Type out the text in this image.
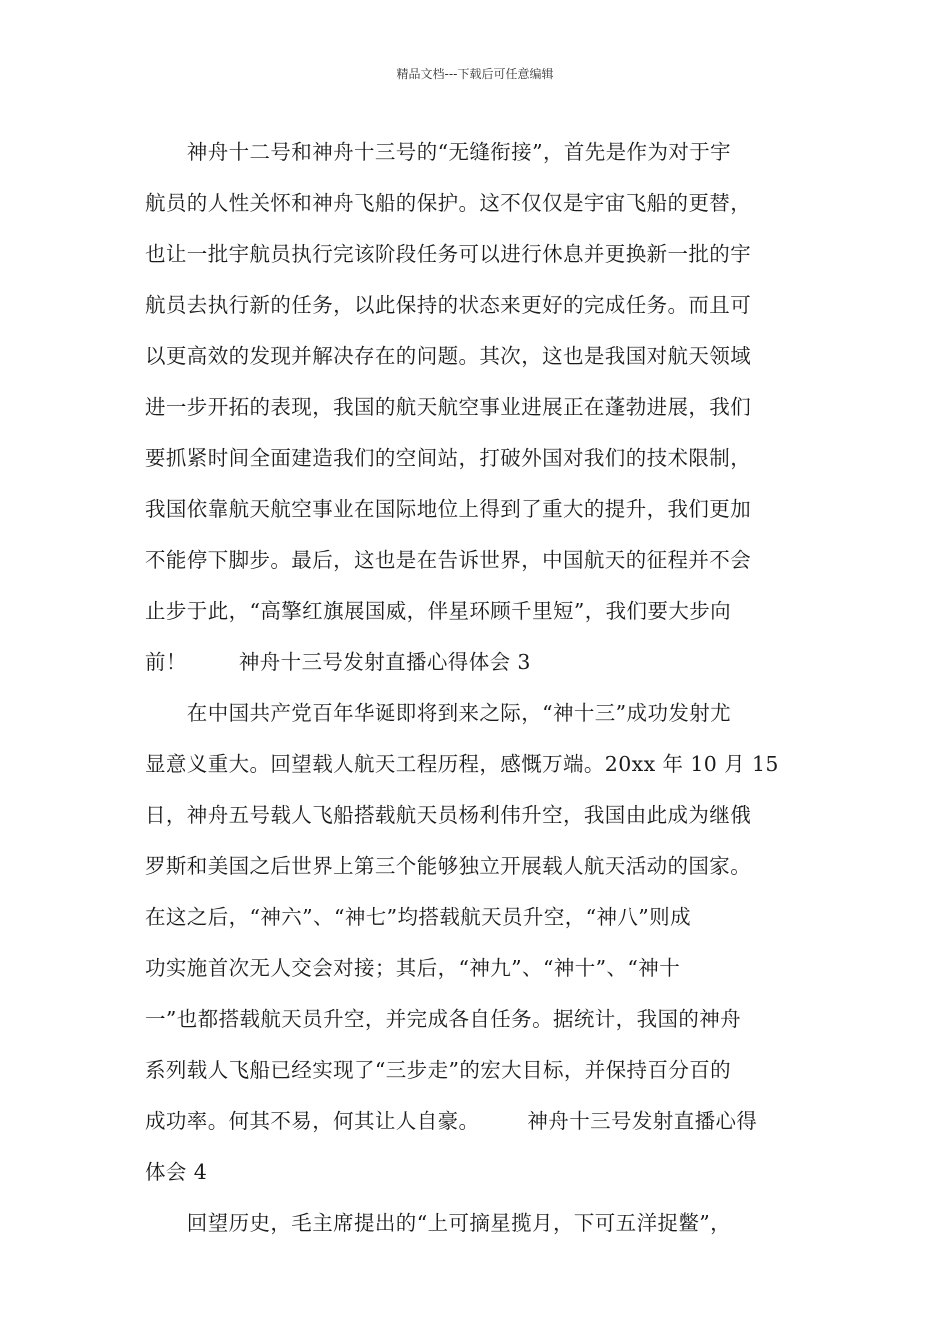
精品文档---下载后可任意编辑
　　神舟十二号和神舟十三号的“无缝衔接”，首先是作为对于宇
航员的人性关怀和神舟飞船的保护。这不仅仅是宇宙飞船的更替，
也让一批宇航员执行完该阶段任务可以进行休息并更换新一批的宇
航员去执行新的任务，以此保持的状态来更好的完成任务。而且可
以更高效的发现并解决存在的问题。其次，这也是我国对航天领域
进一步开拓的表现，我国的航天航空事业进展正在蓬勃进展，我们
要抓紧时间全面建造我们的空间站，打破外国对我们的技术限制，
我国依靠航天航空事业在国际地位上得到了重大的提升，我们更加
不能停下脚步。最后，这也是在告诉世界，中国航天的征程并不会
止步于此，“高擎红旗展国威，伴星环顾千里短”，我们要大步向
前！	神舟十三号发射直播心得体会 3
　　在中国共产党百年华诞即将到来之际，“神十三”成功发射尤
显意义重大。回望载人航天工程历程，感慨万端。20xx 年 10 月 15
日，神舟五号载人飞船搭载航天员杨利伟升空，我国由此成为继俄
罗斯和美国之后世界上第三个能够独立开展载人航天活动的国家。
在这之后，“神六”、“神七”均搭载航天员升空，“神八”则成
功实施首次无人交会对接；其后，“神九”、“神十”、“神十
一”也都搭载航天员升空，并完成各自任务。据统计，我国的神舟
系列载人飞船已经实现了“三步走”的宏大目标，并保持百分百的
成功率。何其不易，何其让人自豪。 神舟十三号发射直播心得
体会 4
　　回望历史，毛主席提出的“上可摘星揽月，下可五洋捉鳖”，
